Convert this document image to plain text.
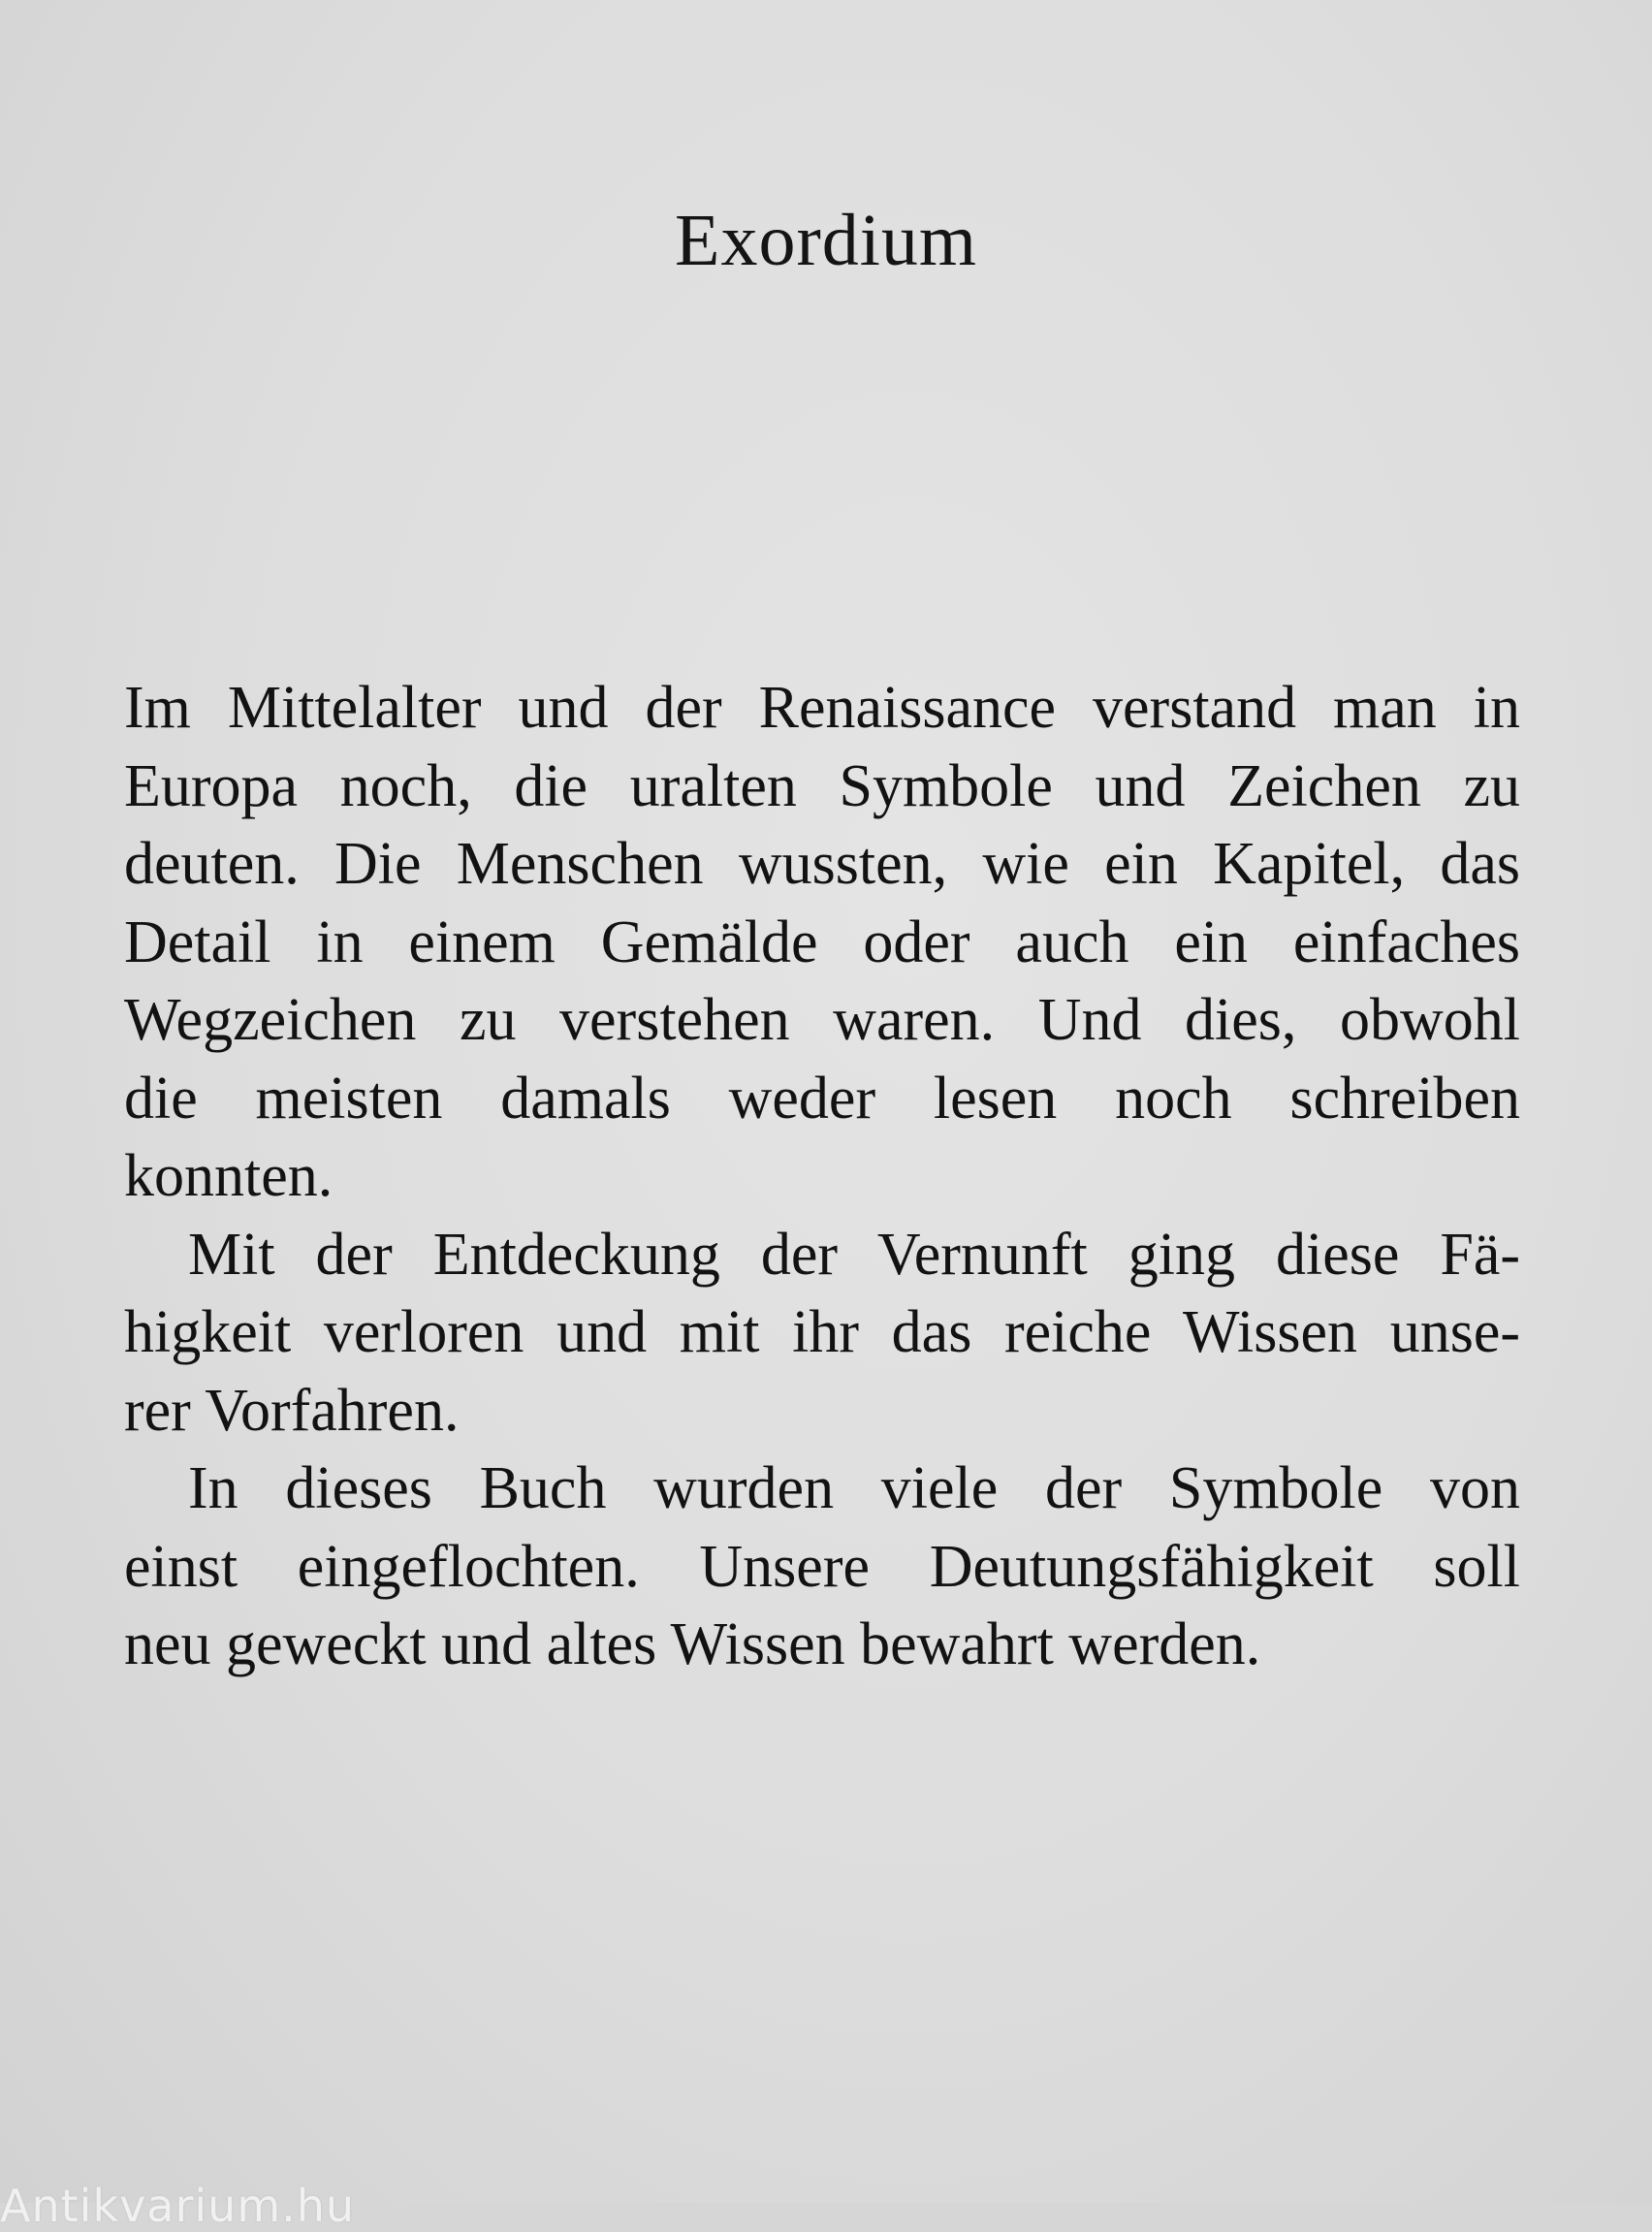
Exordium
Im Mittelalter und der Renaissance verstand man in
Europa noch, die uralten Symbole und Zeichen zu
deuten. Die Menschen wussten, wie ein Kapitel, das
Detail in einem Gemälde oder auch ein einfaches
Wegzeichen zu verstehen waren. Und dies, obwohl
die meisten damals weder lesen noch schreiben
konnten.
Mit der Entdeckung der Vernunft ging diese Fä-
higkeit verloren und mit ihr das reiche Wissen unse-
rer Vorfahren.
In dieses Buch wurden viele der Symbole von
einst eingeflochten. Unsere Deutungsfähigkeit soll
neu geweckt und altes Wissen bewahrt werden.
Antikvarium.hu
